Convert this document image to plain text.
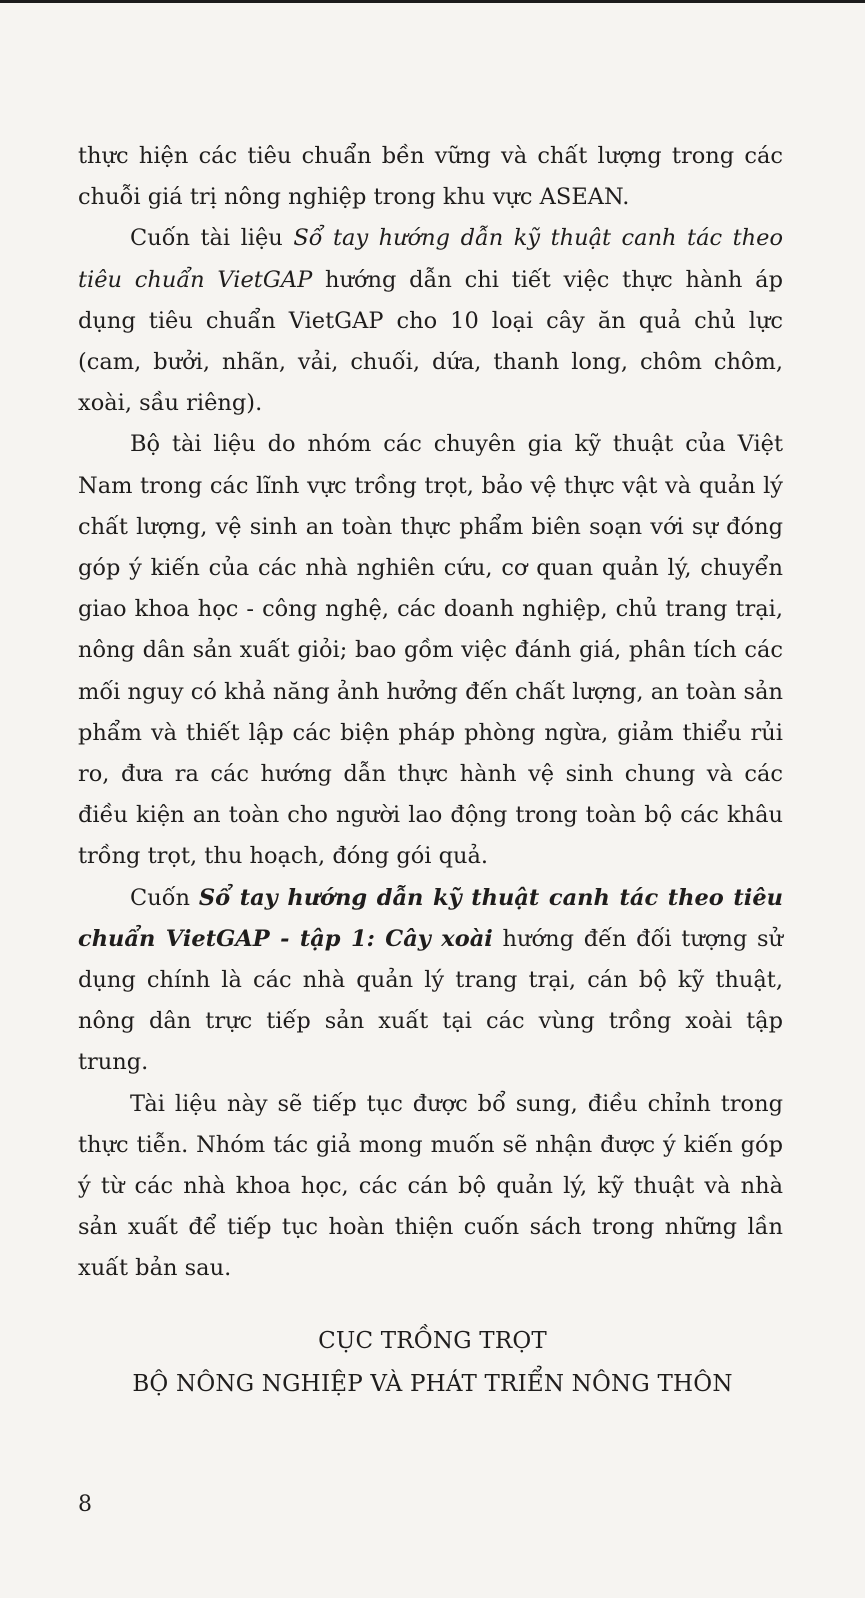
thực hiện các tiêu chuẩn bền vững và chất lượng trong các chuỗi giá trị nông nghiệp trong khu vực ASEAN.

Cuốn tài liệu Sổ tay hướng dẫn kỹ thuật canh tác theo tiêu chuẩn VietGAP hướng dẫn chi tiết việc thực hành áp dụng tiêu chuẩn VietGAP cho 10 loại cây ăn quả chủ lực (cam, bưởi, nhãn, vải, chuối, dứa, thanh long, chôm chôm, xoài, sầu riêng).

Bộ tài liệu do nhóm các chuyên gia kỹ thuật của Việt Nam trong các lĩnh vực trồng trọt, bảo vệ thực vật và quản lý chất lượng, vệ sinh an toàn thực phẩm biên soạn với sự đóng góp ý kiến của các nhà nghiên cứu, cơ quan quản lý, chuyển giao khoa học - công nghệ, các doanh nghiệp, chủ trang trại, nông dân sản xuất giỏi; bao gồm việc đánh giá, phân tích các mối nguy có khả năng ảnh hưởng đến chất lượng, an toàn sản phẩm và thiết lập các biện pháp phòng ngừa, giảm thiểu rủi ro, đưa ra các hướng dẫn thực hành vệ sinh chung và các điều kiện an toàn cho người lao động trong toàn bộ các khâu trồng trọt, thu hoạch, đóng gói quả.

Cuốn Sổ tay hướng dẫn kỹ thuật canh tác theo tiêu chuẩn VietGAP - tập 1: Cây xoài hướng đến đối tượng sử dụng chính là các nhà quản lý trang trại, cán bộ kỹ thuật, nông dân trực tiếp sản xuất tại các vùng trồng xoài tập trung.

Tài liệu này sẽ tiếp tục được bổ sung, điều chỉnh trong thực tiễn. Nhóm tác giả mong muốn sẽ nhận được ý kiến góp ý từ các nhà khoa học, các cán bộ quản lý, kỹ thuật và nhà sản xuất để tiếp tục hoàn thiện cuốn sách trong những lần xuất bản sau.

CỤC TRỒNG TRỌT
BỘ NÔNG NGHIỆP VÀ PHÁT TRIỂN NÔNG THÔN
8
